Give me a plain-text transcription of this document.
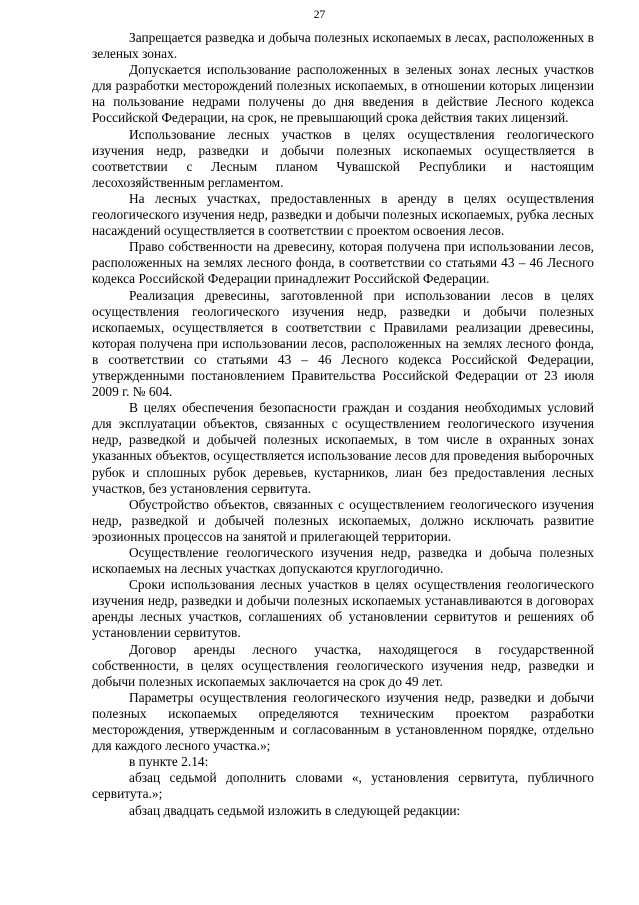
27

Запрещается разведка и добыча полезных ископаемых в лесах, расположенных в зеленых зонах.

Допускается использование расположенных в зеленых зонах лесных участков для разработки месторождений полезных ископаемых, в отношении которых лицензии на пользование недрами получены до дня введения в действие Лесного кодекса Российской Федерации, на срок, не превышающий срока действия таких лицензий.

Использование лесных участков в целях осуществления геологического изучения недр, разведки и добычи полезных ископаемых осуществляется в соответствии с Лесным планом Чувашской Республики и настоящим лесохозяйственным регламентом.

На лесных участках, предоставленных в аренду в целях осуществления геологического изучения недр, разведки и добычи полезных ископаемых, рубка лесных насаждений осуществляется в соответствии с проектом освоения лесов.

Право собственности на древесину, которая получена при использовании лесов, расположенных на землях лесного фонда, в соответствии со статьями 43 – 46 Лесного кодекса Российской Федерации принадлежит Российской Федерации.

Реализация древесины, заготовленной при использовании лесов в целях осуществления геологического изучения недр, разведки и добычи полезных ископаемых, осуществляется в соответствии с Правилами реализации древесины, которая получена при использовании лесов, расположенных на землях лесного фонда, в соответствии со статьями 43 – 46 Лесного кодекса Российской Федерации, утвержденными постановлением Правительства Российской Федерации от 23 июля 2009 г. № 604.

В целях обеспечения безопасности граждан и создания необходимых условий для эксплуатации объектов, связанных с осуществлением геологического изучения недр, разведкой и добычей полезных ископаемых, в том числе в охранных зонах указанных объектов, осуществляется использование лесов для проведения выборочных рубок и сплошных рубок деревьев, кустарников, лиан без предоставления лесных участков, без установления сервитута.

Обустройство объектов, связанных с осуществлением геологического изучения недр, разведкой и добычей полезных ископаемых, должно исключать развитие эрозионных процессов на занятой и прилегающей территории.

Осуществление геологического изучения недр, разведка и добыча полезных ископаемых на лесных участках допускаются круглогодично.

Сроки использования лесных участков в целях осуществления геологического изучения недр, разведки и добычи полезных ископаемых устанавливаются в договорах аренды лесных участков, соглашениях об установлении сервитутов и решениях об установлении сервитутов.

Договор аренды лесного участка, находящегося в государственной собственности, в целях осуществления геологического изучения недр, разведки и добычи полезных ископаемых заключается на срок до 49 лет.

Параметры осуществления геологического изучения недр, разведки и добычи полезных ископаемых определяются техническим проектом разработки месторождения, утвержденным и согласованным в установленном порядке, отдельно для каждого лесного участка.»;

в пункте 2.14:

абзац седьмой дополнить словами «, установления сервитута, публичного сервитута.»;

абзац двадцать седьмой изложить в следующей редакции:
